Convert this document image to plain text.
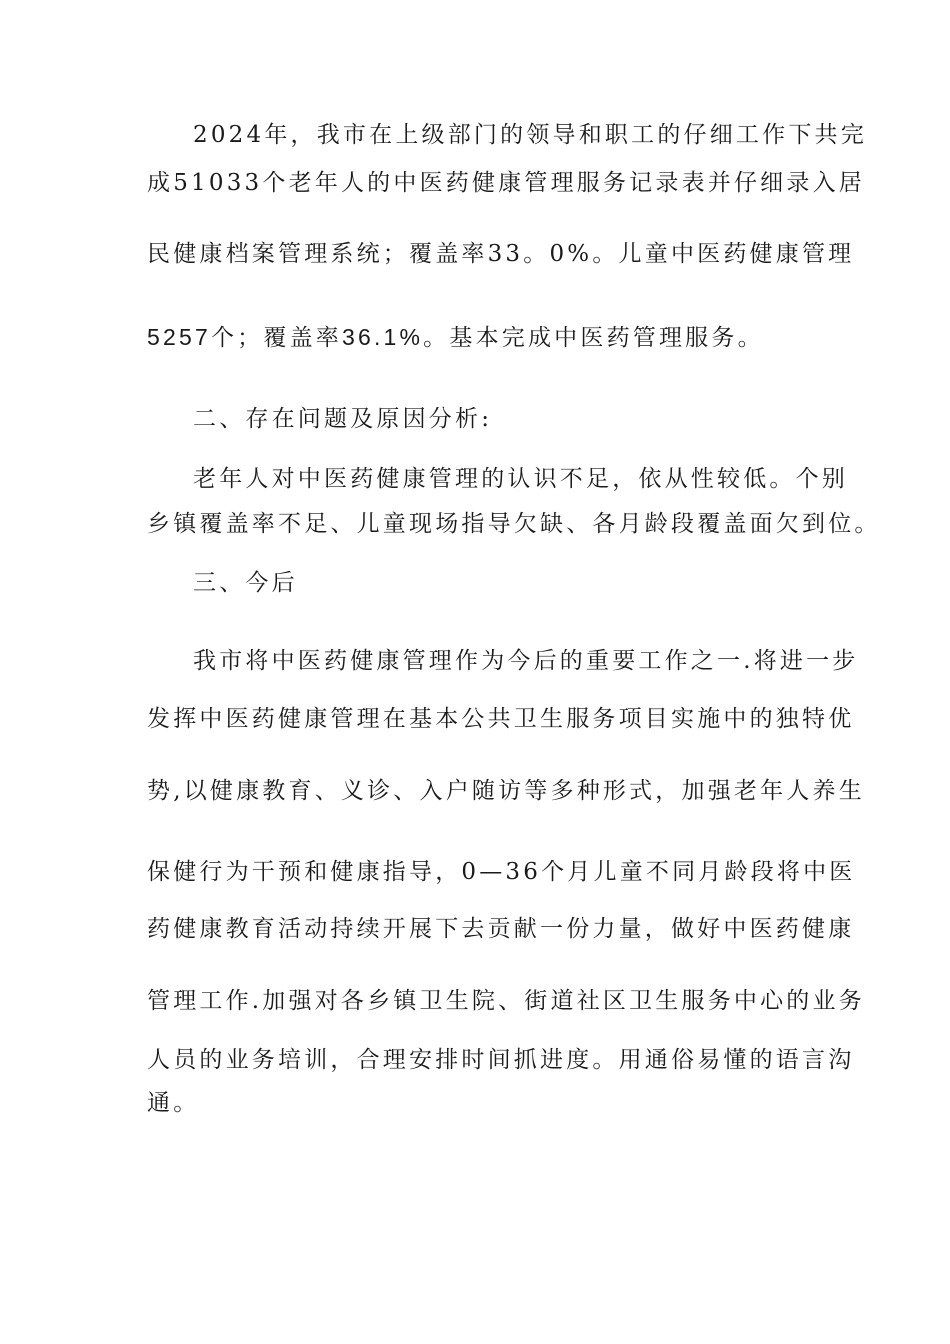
2024年，我市在上级部门的领导和职工的仔细工作下共完
成51033个老年人的中医药健康管理服务记录表并仔细录入居
民健康档案管理系统；覆盖率33。0%。儿童中医药健康管理
5257个；覆盖率36.1%。基本完成中医药管理服务。
二、存在问题及原因分析:
老年人对中医药健康管理的认识不足，依从性较低。个别
乡镇覆盖率不足、儿童现场指导欠缺、各月龄段覆盖面欠到位。
三、今后
我市将中医药健康管理作为今后的重要工作之一.将进一步
发挥中医药健康管理在基本公共卫生服务项目实施中的独特优
势,以健康教育、义诊、入户随访等多种形式，加强老年人养生
保健行为干预和健康指导，0—36个月儿童不同月龄段将中医
药健康教育活动持续开展下去贡献一份力量，做好中医药健康
管理工作.加强对各乡镇卫生院、街道社区卫生服务中心的业务
人员的业务培训，合理安排时间抓进度。用通俗易懂的语言沟
通。
